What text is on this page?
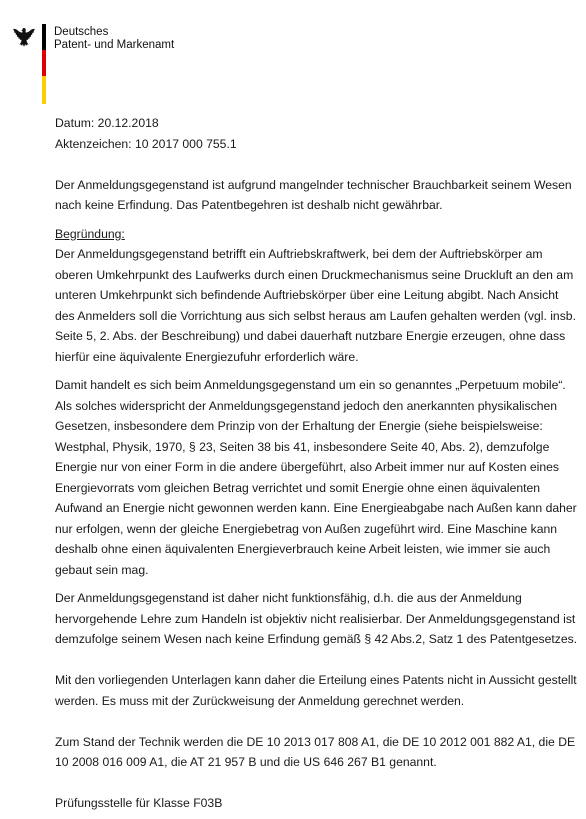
Deutsches
Patent- und Markenamt
Datum: 20.12.2018
Aktenzeichen: 10 2017 000 755.1
Der Anmeldungsgegenstand ist aufgrund mangelnder technischer Brauchbarkeit seinem Wesen
nach keine Erfindung. Das Patentbegehren ist deshalb nicht gewährbar.
Begründung:
Der Anmeldungsgegenstand betrifft ein Auftriebskraftwerk, bei dem der Auftriebskörper am
oberen Umkehrpunkt des Laufwerks durch einen Druckmechanismus seine Druckluft an den am
unteren Umkehrpunkt sich befindende Auftriebskörper über eine Leitung abgibt. Nach Ansicht
des Anmelders soll die Vorrichtung aus sich selbst heraus am Laufen gehalten werden (vgl. insb.
Seite 5, 2. Abs. der Beschreibung) und dabei dauerhaft nutzbare Energie erzeugen, ohne dass
hierfür eine äquivalente Energiezufuhr erforderlich wäre.
Damit handelt es sich beim Anmeldungsgegenstand um ein so genanntes „Perpetuum mobile“.
Als solches widerspricht der Anmeldungsgegenstand jedoch den anerkannten physikalischen
Gesetzen, insbesondere dem Prinzip von der Erhaltung der Energie (siehe beispielsweise:
Westphal, Physik, 1970, § 23, Seiten 38 bis 41, insbesondere Seite 40, Abs. 2), demzufolge
Energie nur von einer Form in die andere übergeführt, also Arbeit immer nur auf Kosten eines
Energievorrats vom gleichen Betrag verrichtet und somit Energie ohne einen äquivalenten
Aufwand an Energie nicht gewonnen werden kann. Eine Energieabgabe nach Außen kann daher
nur erfolgen, wenn der gleiche Energiebetrag von Außen zugeführt wird. Eine Maschine kann
deshalb ohne einen äquivalenten Energieverbrauch keine Arbeit leisten, wie immer sie auch
gebaut sein mag.
Der Anmeldungsgegenstand ist daher nicht funktionsfähig, d.h. die aus der Anmeldung
hervorgehende Lehre zum Handeln ist objektiv nicht realisierbar. Der Anmeldungsgegenstand ist
demzufolge seinem Wesen nach keine Erfindung gemäß § 42 Abs.2, Satz 1 des Patentgesetzes.
Mit den vorliegenden Unterlagen kann daher die Erteilung eines Patents nicht in Aussicht gestellt
werden. Es muss mit der Zurückweisung der Anmeldung gerechnet werden.
Zum Stand der Technik werden die DE 10 2013 017 808 A1, die DE 10 2012 001 882 A1, die DE
10 2008 016 009 A1, die AT 21 957 B und die US 646 267 B1 genannt.
Prüfungsstelle für Klasse F03B
